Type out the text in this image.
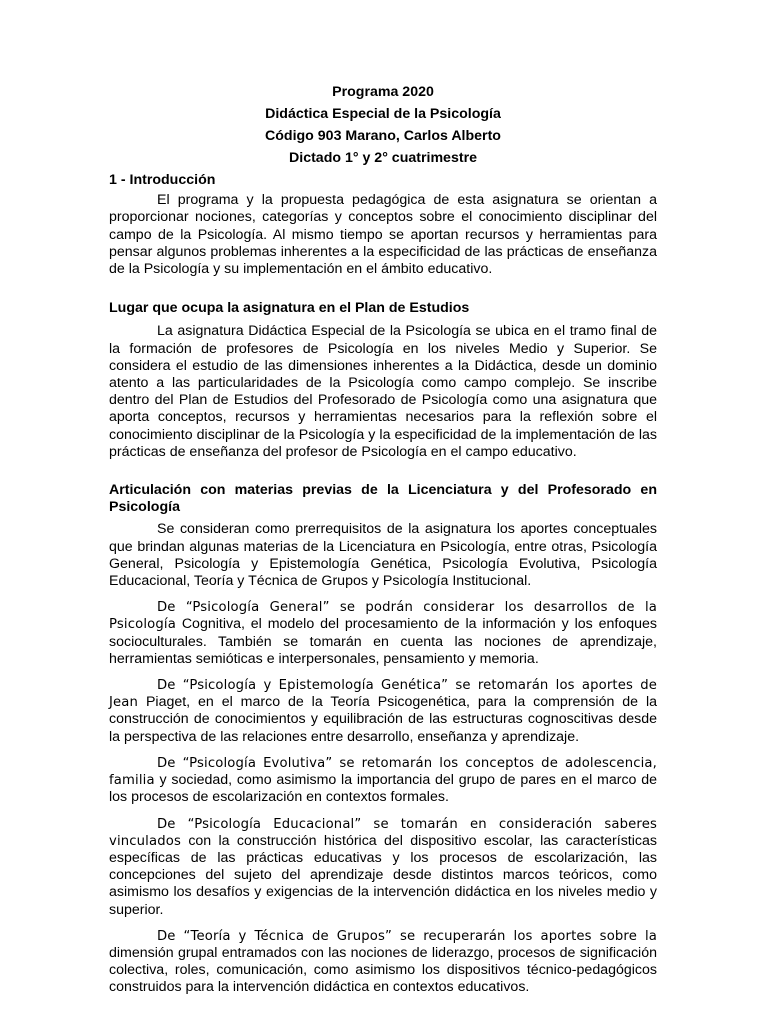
Programa 2020
Didáctica Especial de la Psicología
Código 903 Marano, Carlos Alberto
Dictado 1° y 2° cuatrimestre
1 - Introducción

El programa y la propuesta pedagógica de esta asignatura se orientan a proporcionar nociones, categorías y conceptos sobre el conocimiento disciplinar del campo de la Psicología. Al mismo tiempo se aportan recursos y herramientas para pensar algunos problemas inherentes a la especificidad de las prácticas de enseñanza de la Psicología y su implementación en el ámbito educativo.

Lugar que ocupa la asignatura en el Plan de Estudios

La asignatura Didáctica Especial de la Psicología se ubica en el tramo final de la formación de profesores de Psicología en los niveles Medio y Superior. Se considera el estudio de las dimensiones inherentes a la Didáctica, desde un dominio atento a las particularidades de la Psicología como campo complejo. Se inscribe dentro del Plan de Estudios del Profesorado de Psicología como una asignatura que aporta conceptos, recursos y herramientas necesarios para la reflexión sobre el conocimiento disciplinar de la Psicología y la especificidad de la implementación de las prácticas de enseñanza del profesor de Psicología en el campo educativo.

Articulación con materias previas de la Licenciatura y del Profesorado en Psicología

Se consideran como prerrequisitos de la asignatura los aportes conceptuales que brindan algunas materias de la Licenciatura en Psicología, entre otras, Psicología General, Psicología y Epistemología Genética, Psicología Evolutiva, Psicología Educacional, Teoría y Técnica de Grupos y Psicología Institucional.

De “Psicología General” se podrán considerar los desarrollos de la Psicología Cognitiva, el modelo del procesamiento de la información y los enfoques socioculturales. También se tomarán en cuenta las nociones de aprendizaje, herramientas semióticas e interpersonales, pensamiento y memoria.

De “Psicología y Epistemología Genética” se retomarán los aportes de Jean Piaget, en el marco de la Teoría Psicogenética, para la comprensión de la construcción de conocimientos y equilibración de las estructuras cognoscitivas desde la perspectiva de las relaciones entre desarrollo, enseñanza y aprendizaje.

De “Psicología Evolutiva” se retomarán los conceptos de adolescencia, familia y sociedad, como asimismo la importancia del grupo de pares en el marco de los procesos de escolarización en contextos formales.

De “Psicología Educacional” se tomarán en consideración saberes vinculados con la construcción histórica del dispositivo escolar, las características específicas de las prácticas educativas y los procesos de escolarización, las concepciones del sujeto del aprendizaje desde distintos marcos teóricos, como asimismo los desafíos y exigencias de la intervención didáctica en los niveles medio y superior.

De “Teoría y Técnica de Grupos” se recuperarán los aportes sobre la dimensión grupal entramados con las nociones de liderazgo, procesos de significación colectiva, roles, comunicación, como asimismo los dispositivos técnico-pedagógicos construidos para la intervención didáctica en contextos educativos.
